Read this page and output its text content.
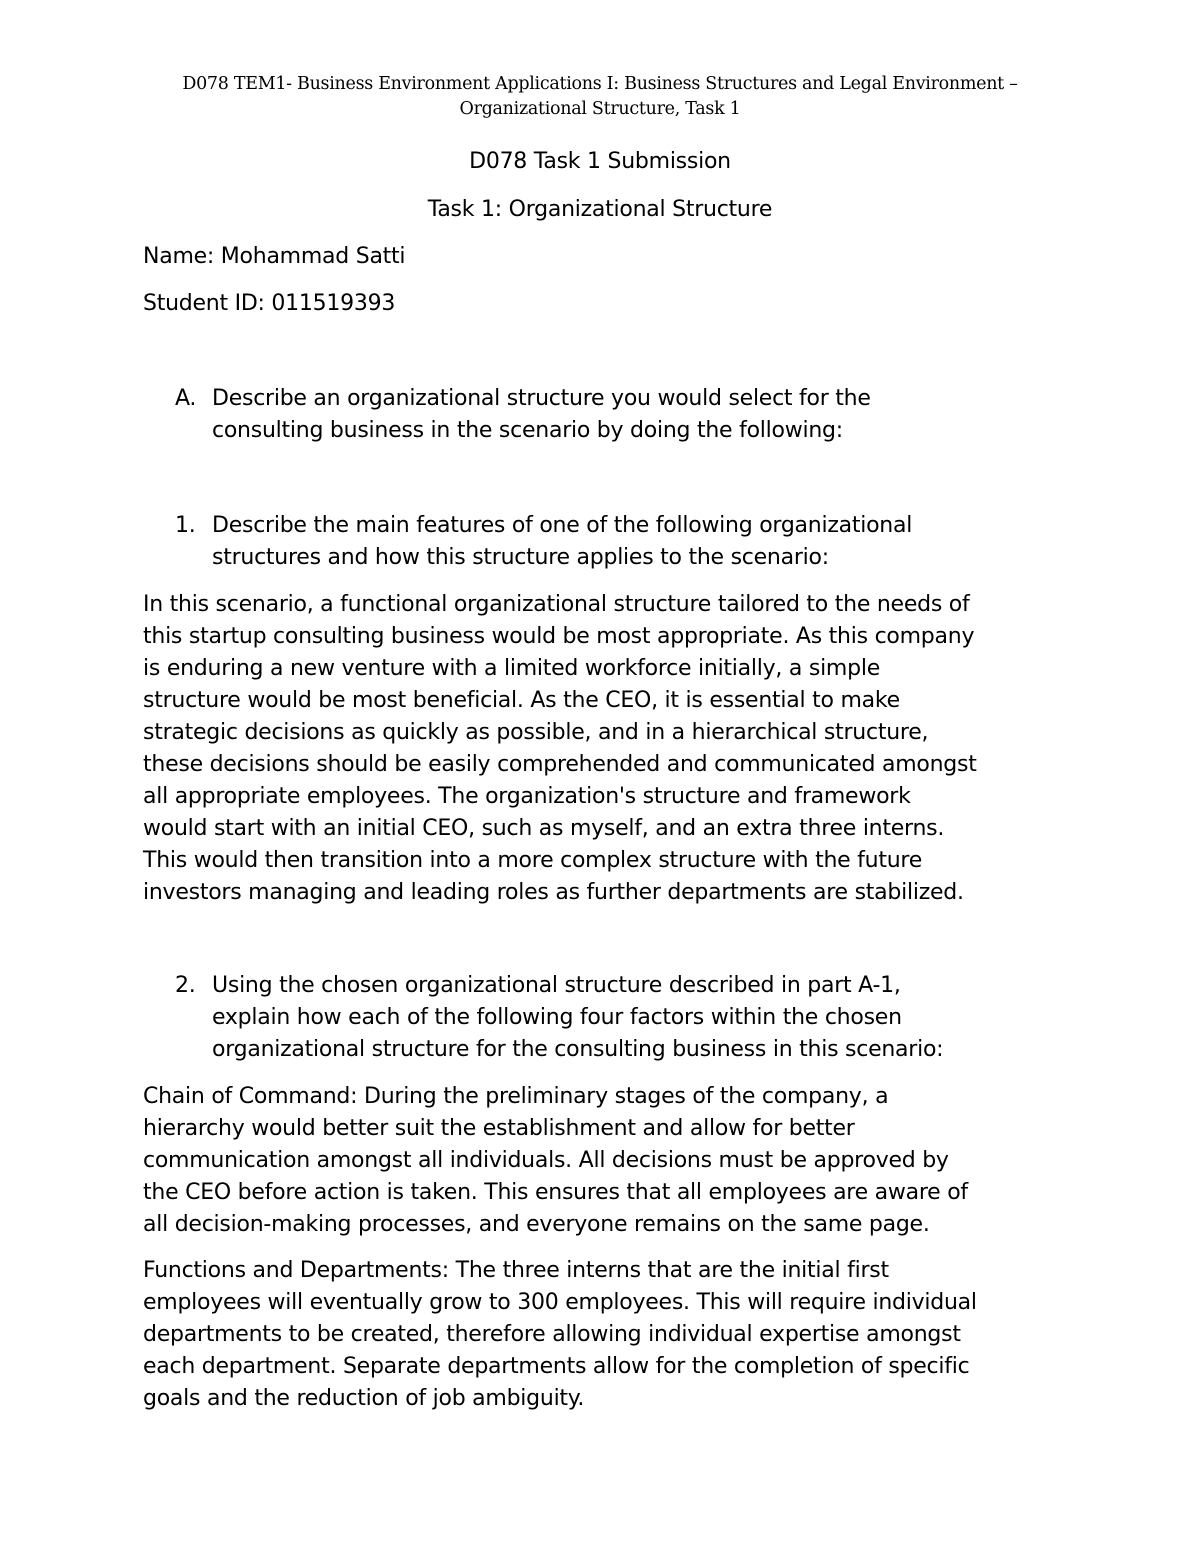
D078 TEM1- Business Environment Applications I: Business Structures and Legal Environment –
Organizational Structure, Task 1
D078 Task 1 Submission
Task 1: Organizational Structure
Name: Mohammad Satti
Student ID: 011519393
A. Describe an organizational structure you would select for the
consulting business in the scenario by doing the following:
1. Describe the main features of one of the following organizational
structures and how this structure applies to the scenario:
In this scenario, a functional organizational structure tailored to the needs of
this startup consulting business would be most appropriate. As this company
is enduring a new venture with a limited workforce initially, a simple
structure would be most beneficial. As the CEO, it is essential to make
strategic decisions as quickly as possible, and in a hierarchical structure,
these decisions should be easily comprehended and communicated amongst
all appropriate employees. The organization's structure and framework
would start with an initial CEO, such as myself, and an extra three interns.
This would then transition into a more complex structure with the future
investors managing and leading roles as further departments are stabilized.
2. Using the chosen organizational structure described in part A-1,
explain how each of the following four factors within the chosen
organizational structure for the consulting business in this scenario:
Chain of Command: During the preliminary stages of the company, a
hierarchy would better suit the establishment and allow for better
communication amongst all individuals. All decisions must be approved by
the CEO before action is taken. This ensures that all employees are aware of
all decision-making processes, and everyone remains on the same page.
Functions and Departments: The three interns that are the initial first
employees will eventually grow to 300 employees. This will require individual
departments to be created, therefore allowing individual expertise amongst
each department. Separate departments allow for the completion of specific
goals and the reduction of job ambiguity.
